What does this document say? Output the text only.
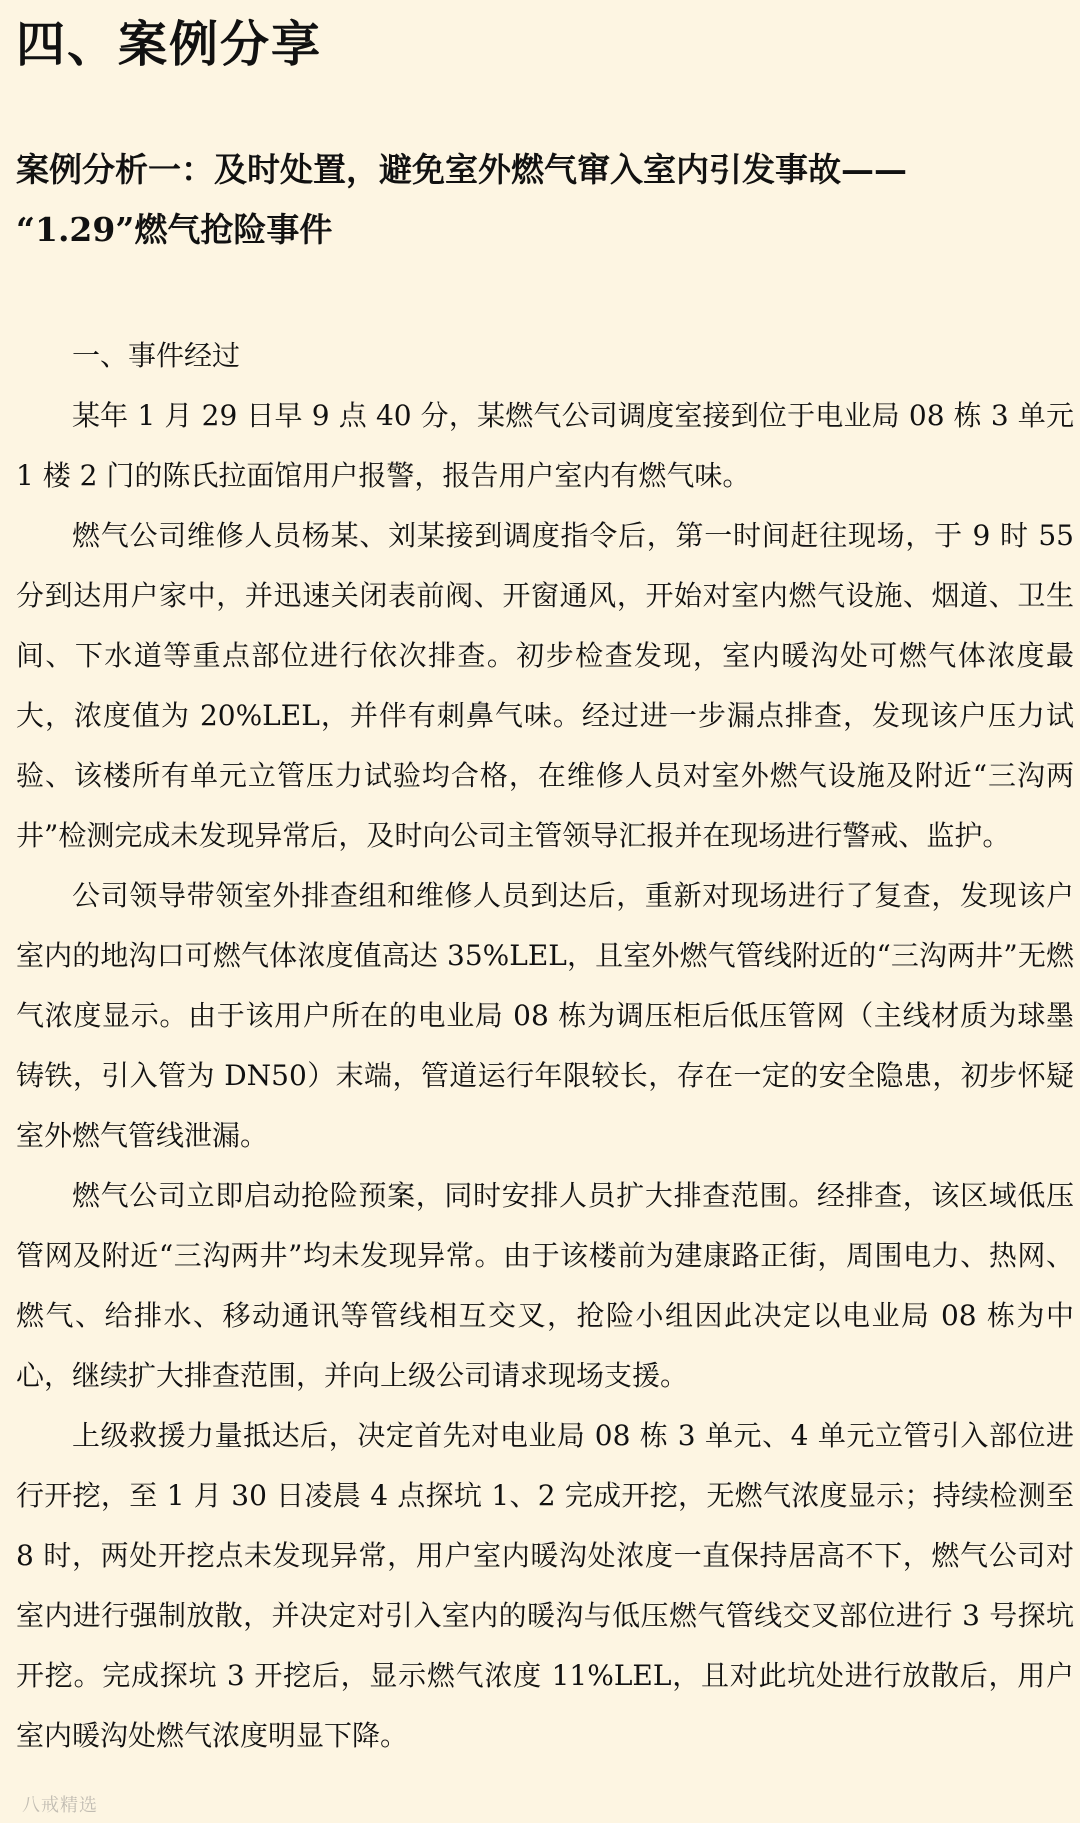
四、案例分享
案例分析一：及时处置，避免室外燃气窜入室内引发事故——
“1.29”燃气抢险事件

一、事件经过

某年 1 月 29 日早 9 点 40 分，某燃气公司调度室接到位于电业局 08 栋 3 单元 1 楼 2 门的陈氏拉面馆用户报警，报告用户室内有燃气味。

燃气公司维修人员杨某、刘某接到调度指令后，第一时间赶往现场，于 9 时 55 分到达用户家中，并迅速关闭表前阀、开窗通风，开始对室内燃气设施、烟道、卫生间、下水道等重点部位进行依次排查。初步检查发现，室内暖沟处可燃气体浓度最大，浓度值为 20%LEL，并伴有刺鼻气味。经过进一步漏点排查，发现该户压力试验、该楼所有单元立管压力试验均合格，在维修人员对室外燃气设施及附近“三沟两井”检测完成未发现异常后，及时向公司主管领导汇报并在现场进行警戒、监护。

公司领导带领室外排查组和维修人员到达后，重新对现场进行了复查，发现该户室内的地沟口可燃气体浓度值高达 35%LEL，且室外燃气管线附近的“三沟两井”无燃气浓度显示。由于该用户所在的电业局 08 栋为调压柜后低压管网（主线材质为球墨铸铁，引入管为 DN50）末端，管道运行年限较长，存在一定的安全隐患，初步怀疑室外燃气管线泄漏。

燃气公司立即启动抢险预案，同时安排人员扩大排查范围。经排查，该区域低压管网及附近“三沟两井”均未发现异常。由于该楼前为建康路正街，周围电力、热网、燃气、给排水、移动通讯等管线相互交叉，抢险小组因此决定以电业局 08 栋为中心，继续扩大排查范围，并向上级公司请求现场支援。

上级救援力量抵达后，决定首先对电业局 08 栋 3 单元、4 单元立管引入部位进行开挖，至 1 月 30 日凌晨 4 点探坑 1、2 完成开挖，无燃气浓度显示；持续检测至 8 时，两处开挖点未发现异常，用户室内暖沟处浓度一直保持居高不下，燃气公司对室内进行强制放散，并决定对引入室内的暖沟与低压燃气管线交叉部位进行 3 号探坑开挖。完成探坑 3 开挖后，显示燃气浓度 11%LEL，且对此坑处进行放散后，用户室内暖沟处燃气浓度明显下降。

八戒精选
